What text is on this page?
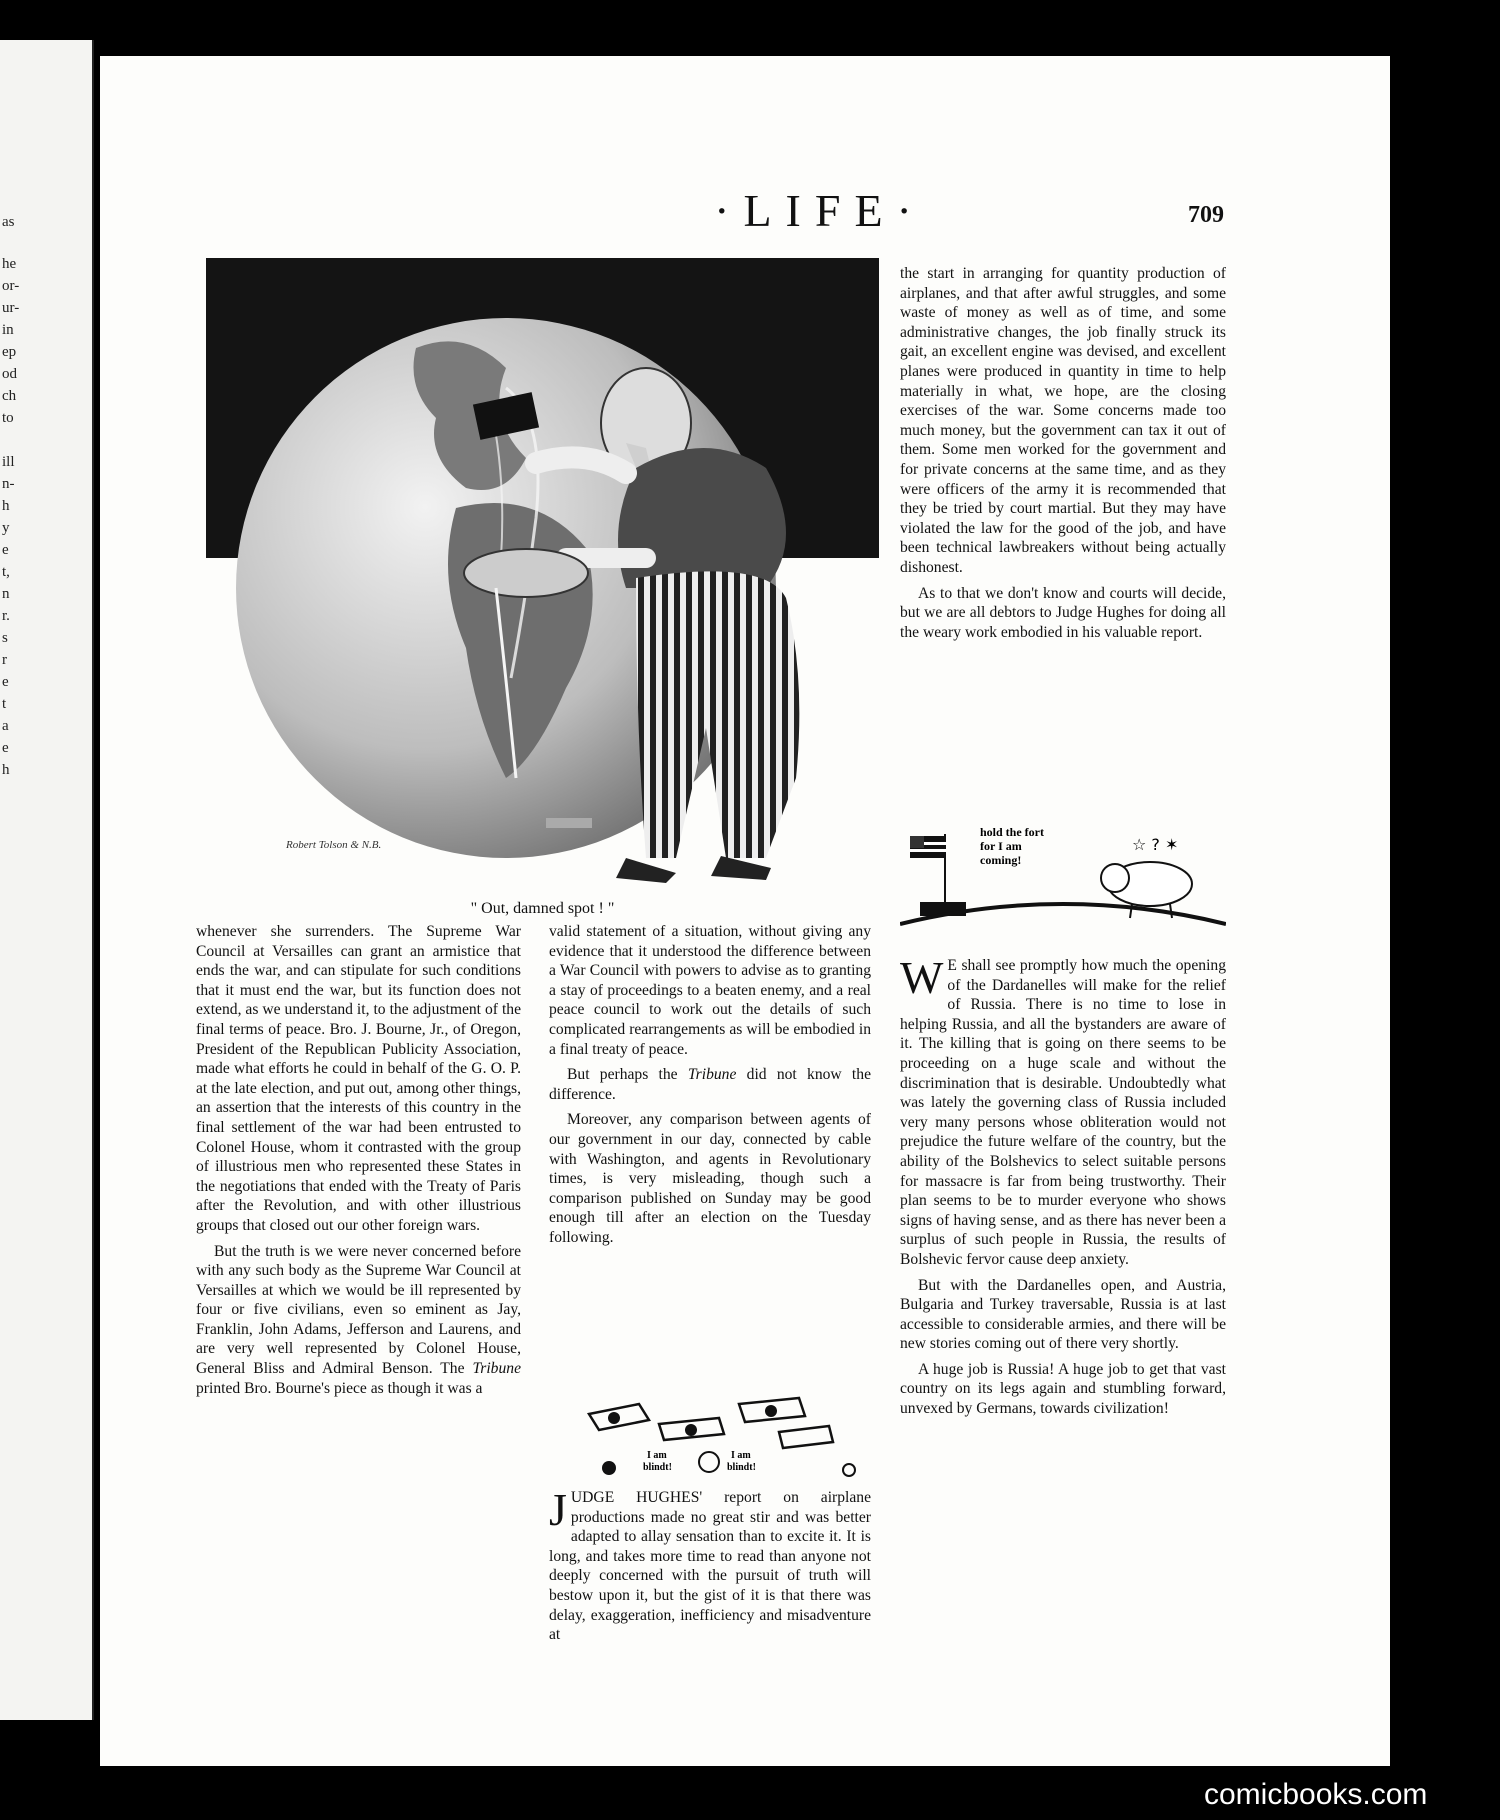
as
he
or-
ur-
in
ep
od
ch
to
ill
n-
h
y
e
t,
n
r.
s
r
e
t
a
e
h
·LIFE·	709
Robert Tolson & N.B.
" Out, damned spot ! "

whenever she surrenders. The Supreme War Council at Versailles can grant an armistice that ends the war, and can stipulate for such conditions that it must end the war, but its function does not extend, as we understand it, to the adjustment of the final terms of peace. Bro. J. Bourne, Jr., of Oregon, President of the Republican Publicity Association, made what efforts he could in behalf of the G. O. P. at the late election, and put out, among other things, an assertion that the interests of this country in the final settlement of the war had been entrusted to Colonel House, whom it contrasted with the group of illustrious men who represented these States in the negotiations that ended with the Treaty of Paris after the Revolution, and with other illustrious groups that closed out our other foreign wars.

But the truth is we were never concerned before with any such body as the Supreme War Council at Versailles at which we would be ill represented by four or five civilians, even so eminent as Jay, Franklin, John Adams, Jefferson and Laurens, and are very well represented by Colonel House, General Bliss and Admiral Benson. The Tribune printed Bro. Bourne's piece as though it was a

valid statement of a situation, without giving any evidence that it understood the difference between a War Council with powers to advise as to granting a stay of proceedings to a beaten enemy, and a real peace council to work out the details of such complicated rearrangements as will be embodied in a final treaty of peace.

But perhaps the Tribune did not know the difference.

Moreover, any comparison between agents of our government in our day, connected by cable with Washington, and agents in Revolutionary times, is very misleading, though such a comparison published on Sunday may be good enough till after an election on the Tuesday following.

I am
blindt!
I am
blindt!

JUDGE HUGHES' report on airplane productions made no great stir and was better adapted to allay sensation than to excite it. It is long, and takes more time to read than anyone not deeply concerned with the pursuit of truth will bestow upon it, but the gist of it is that there was delay, exaggeration, inefficiency and misadventure at

the start in arranging for quantity production of airplanes, and that after awful struggles, and some waste of money as well as of time, and some administrative changes, the job finally struck its gait, an excellent engine was devised, and excellent planes were produced in quantity in time to help materially in what, we hope, are the closing exercises of the war. Some concerns made too much money, but the government can tax it out of them. Some men worked for the government and for private concerns at the same time, and as they were officers of the army it is recommended that they be tried by court martial. But they may have violated the law for the good of the job, and have been technical lawbreakers without being actually dishonest.

As to that we don't know and courts will decide, but we are all debtors to Judge Hughes for doing all the weary work embodied in his valuable report.

☆ ? ✶
hold the fort
for I am
coming!

W E shall see promptly how much the opening of the Dardanelles will make for the relief of Russia. There is no time to lose in helping Russia, and all the bystanders are aware of it. The killing that is going on there seems to be proceeding on a huge scale and without the discrimination that is desirable. Undoubtedly what was lately the governing class of Russia included very many persons whose obliteration would not prejudice the future welfare of the country, but the ability of the Bolshevics to select suitable persons for massacre is far from being trustworthy. Their plan seems to be to murder everyone who shows signs of having sense, and as there has never been a surplus of such people in Russia, the results of Bolshevic fervor cause deep anxiety.

But with the Dardanelles open, and Austria, Bulgaria and Turkey traversable, Russia is at last accessible to considerable armies, and there will be new stories coming out of there very shortly.

A huge job is Russia! A huge job to get that vast country on its legs again and stumbling forward, unvexed by Germans, towards civilization!

comicbooks.com
